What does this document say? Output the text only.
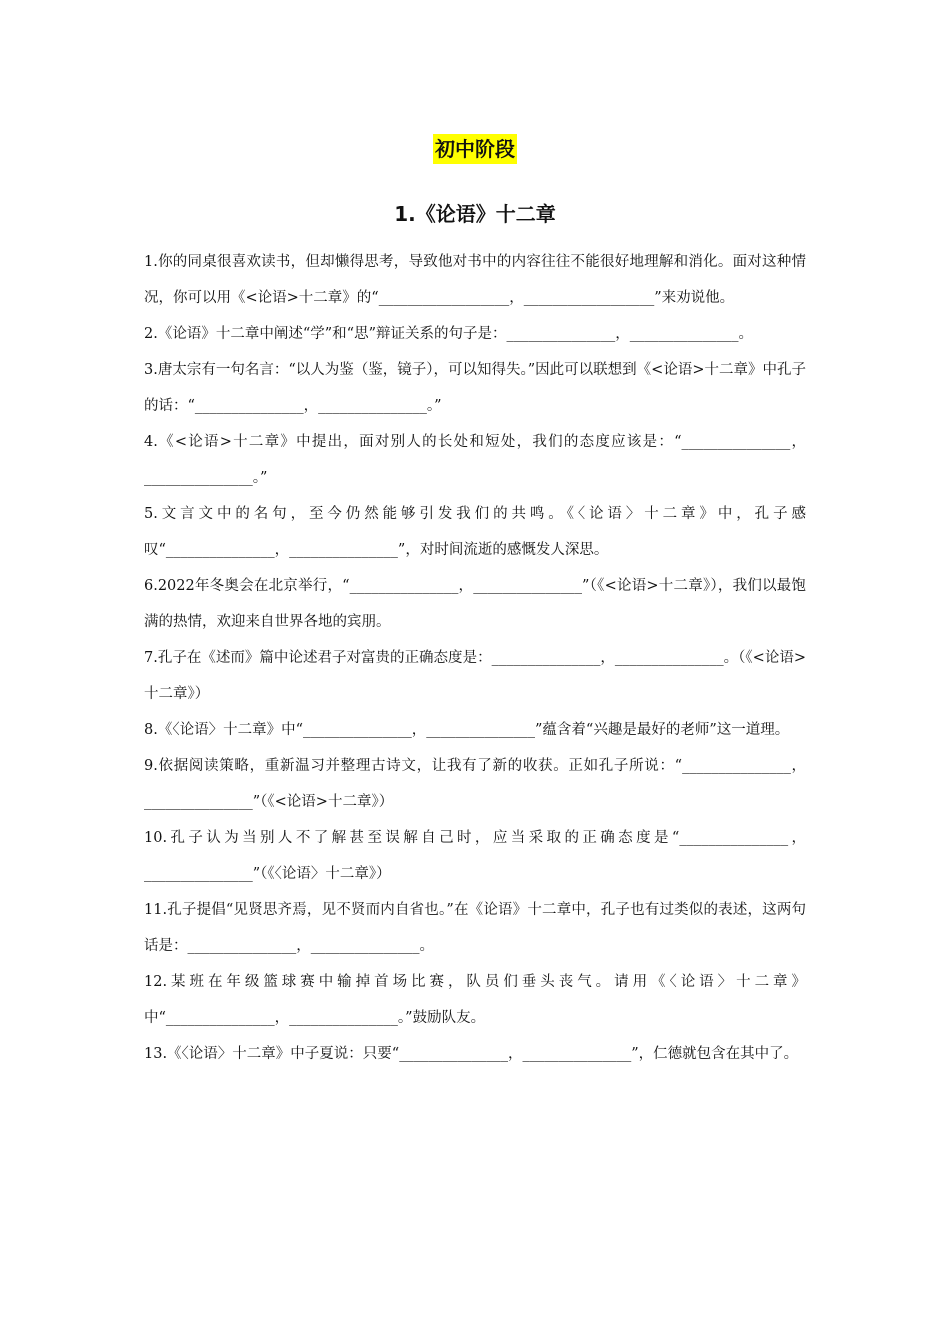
初中阶段
1.《论语》十二章

1.你的同桌很喜欢读书，但却懒得思考，导致他对书中的内容往往不能很好地理解和消化。面对这种情况，你可以用《<论语>十二章》的“__________________，__________________”来劝说他。

2.《论语》十二章中阐述“学”和“思”辩证关系的句子是：_______________，_______________。

3.唐太宗有一句名言：“以人为鉴（鉴，镜子），可以知得失。”因此可以联想到《<论语>十二章》中孔子的话：“_______________，_______________。”

4.《<论语>十二章》中提出，面对别人的长处和短处，我们的态度应该是：“_______________，_______________。”

5.文言文中的名句，至今仍然能够引发我们的共鸣。《〈论语〉十二章》中，孔子感叹“_______________，_______________”，对时间流逝的感慨发人深思。

6.2022年冬奥会在北京举行，“_______________，_______________”（《<论语>十二章》），我们以最饱满的热情，欢迎来自世界各地的宾朋。

7.孔子在《述而》篇中论述君子对富贵的正确态度是：_______________，_______________。（《<论语>十二章》）

8.《〈论语〉十二章》中“_______________，_______________”蕴含着“兴趣是最好的老师”这一道理。

9.依据阅读策略，重新温习并整理古诗文，让我有了新的收获。正如孔子所说：“_______________，_______________”（《<论语>十二章》）

10.孔子认为当别人不了解甚至误解自己时，应当采取的正确态度是“_______________，_______________”（《〈论语〉十二章》）

11.孔子提倡“见贤思齐焉，见不贤而内自省也。”在《论语》十二章中，孔子也有过类似的表述，这两句话是：_______________，_______________。

12.某班在年级篮球赛中输掉首场比赛，队员们垂头丧气。请用《〈论语〉十二章》中“_______________，_______________。”鼓励队友。

13.《〈论语〉十二章》中子夏说：只要“_______________，_______________”，仁德就包含在其中了。
